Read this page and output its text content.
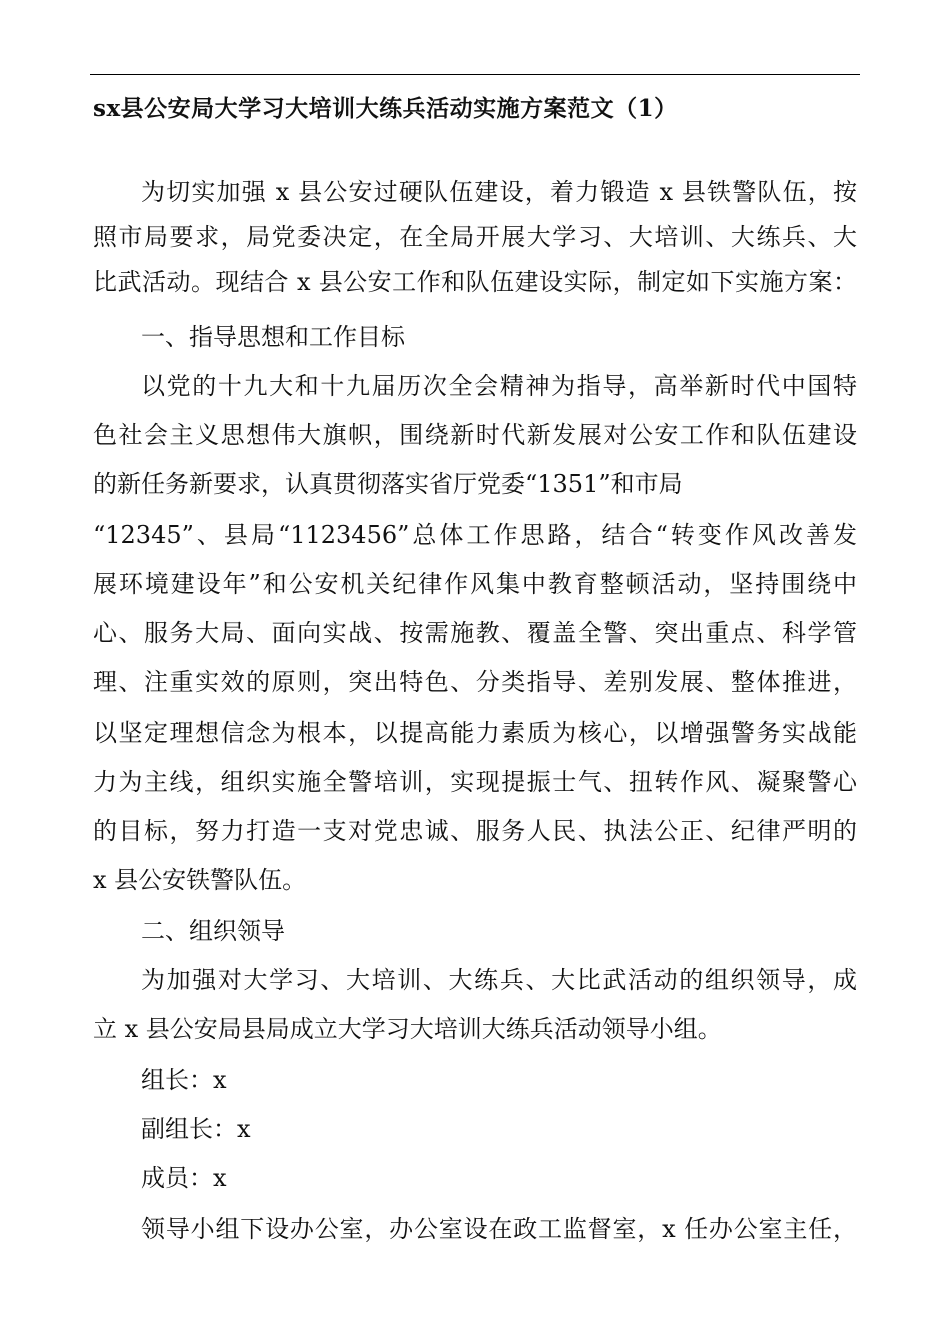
sx县公安局大学习大培训大练兵活动实施方案范文（1）
为切实加强 x 县公安过硬队伍建设，着力锻造 x 县铁警队伍，按
照市局要求，局党委决定，在全局开展大学习、大培训、大练兵、大
比武活动。现结合 x 县公安工作和队伍建设实际，制定如下实施方案：
一、指导思想和工作目标
以党的十九大和十九届历次全会精神为指导，高举新时代中国特
色社会主义思想伟大旗帜，围绕新时代新发展对公安工作和队伍建设
的新任务新要求，认真贯彻落实省厅党委“1351”和市局
“12345”、县局“1123456”总体工作思路，结合“转变作风改善发
展环境建设年”和公安机关纪律作风集中教育整顿活动，坚持围绕中
心、服务大局、面向实战、按需施教、覆盖全警、突出重点、科学管
理、注重实效的原则，突出特色、分类指导、差别发展、整体推进，
以坚定理想信念为根本，以提高能力素质为核心，以增强警务实战能
力为主线，组织实施全警培训，实现提振士气、扭转作风、凝聚警心
的目标，努力打造一支对党忠诚、服务人民、执法公正、纪律严明的
x 县公安铁警队伍。
二、组织领导
为加强对大学习、大培训、大练兵、大比武活动的组织领导，成
立 x 县公安局县局成立大学习大培训大练兵活动领导小组。
组长：x
副组长：x
成员：x
领导小组下设办公室，办公室设在政工监督室，x 任办公室主任，
